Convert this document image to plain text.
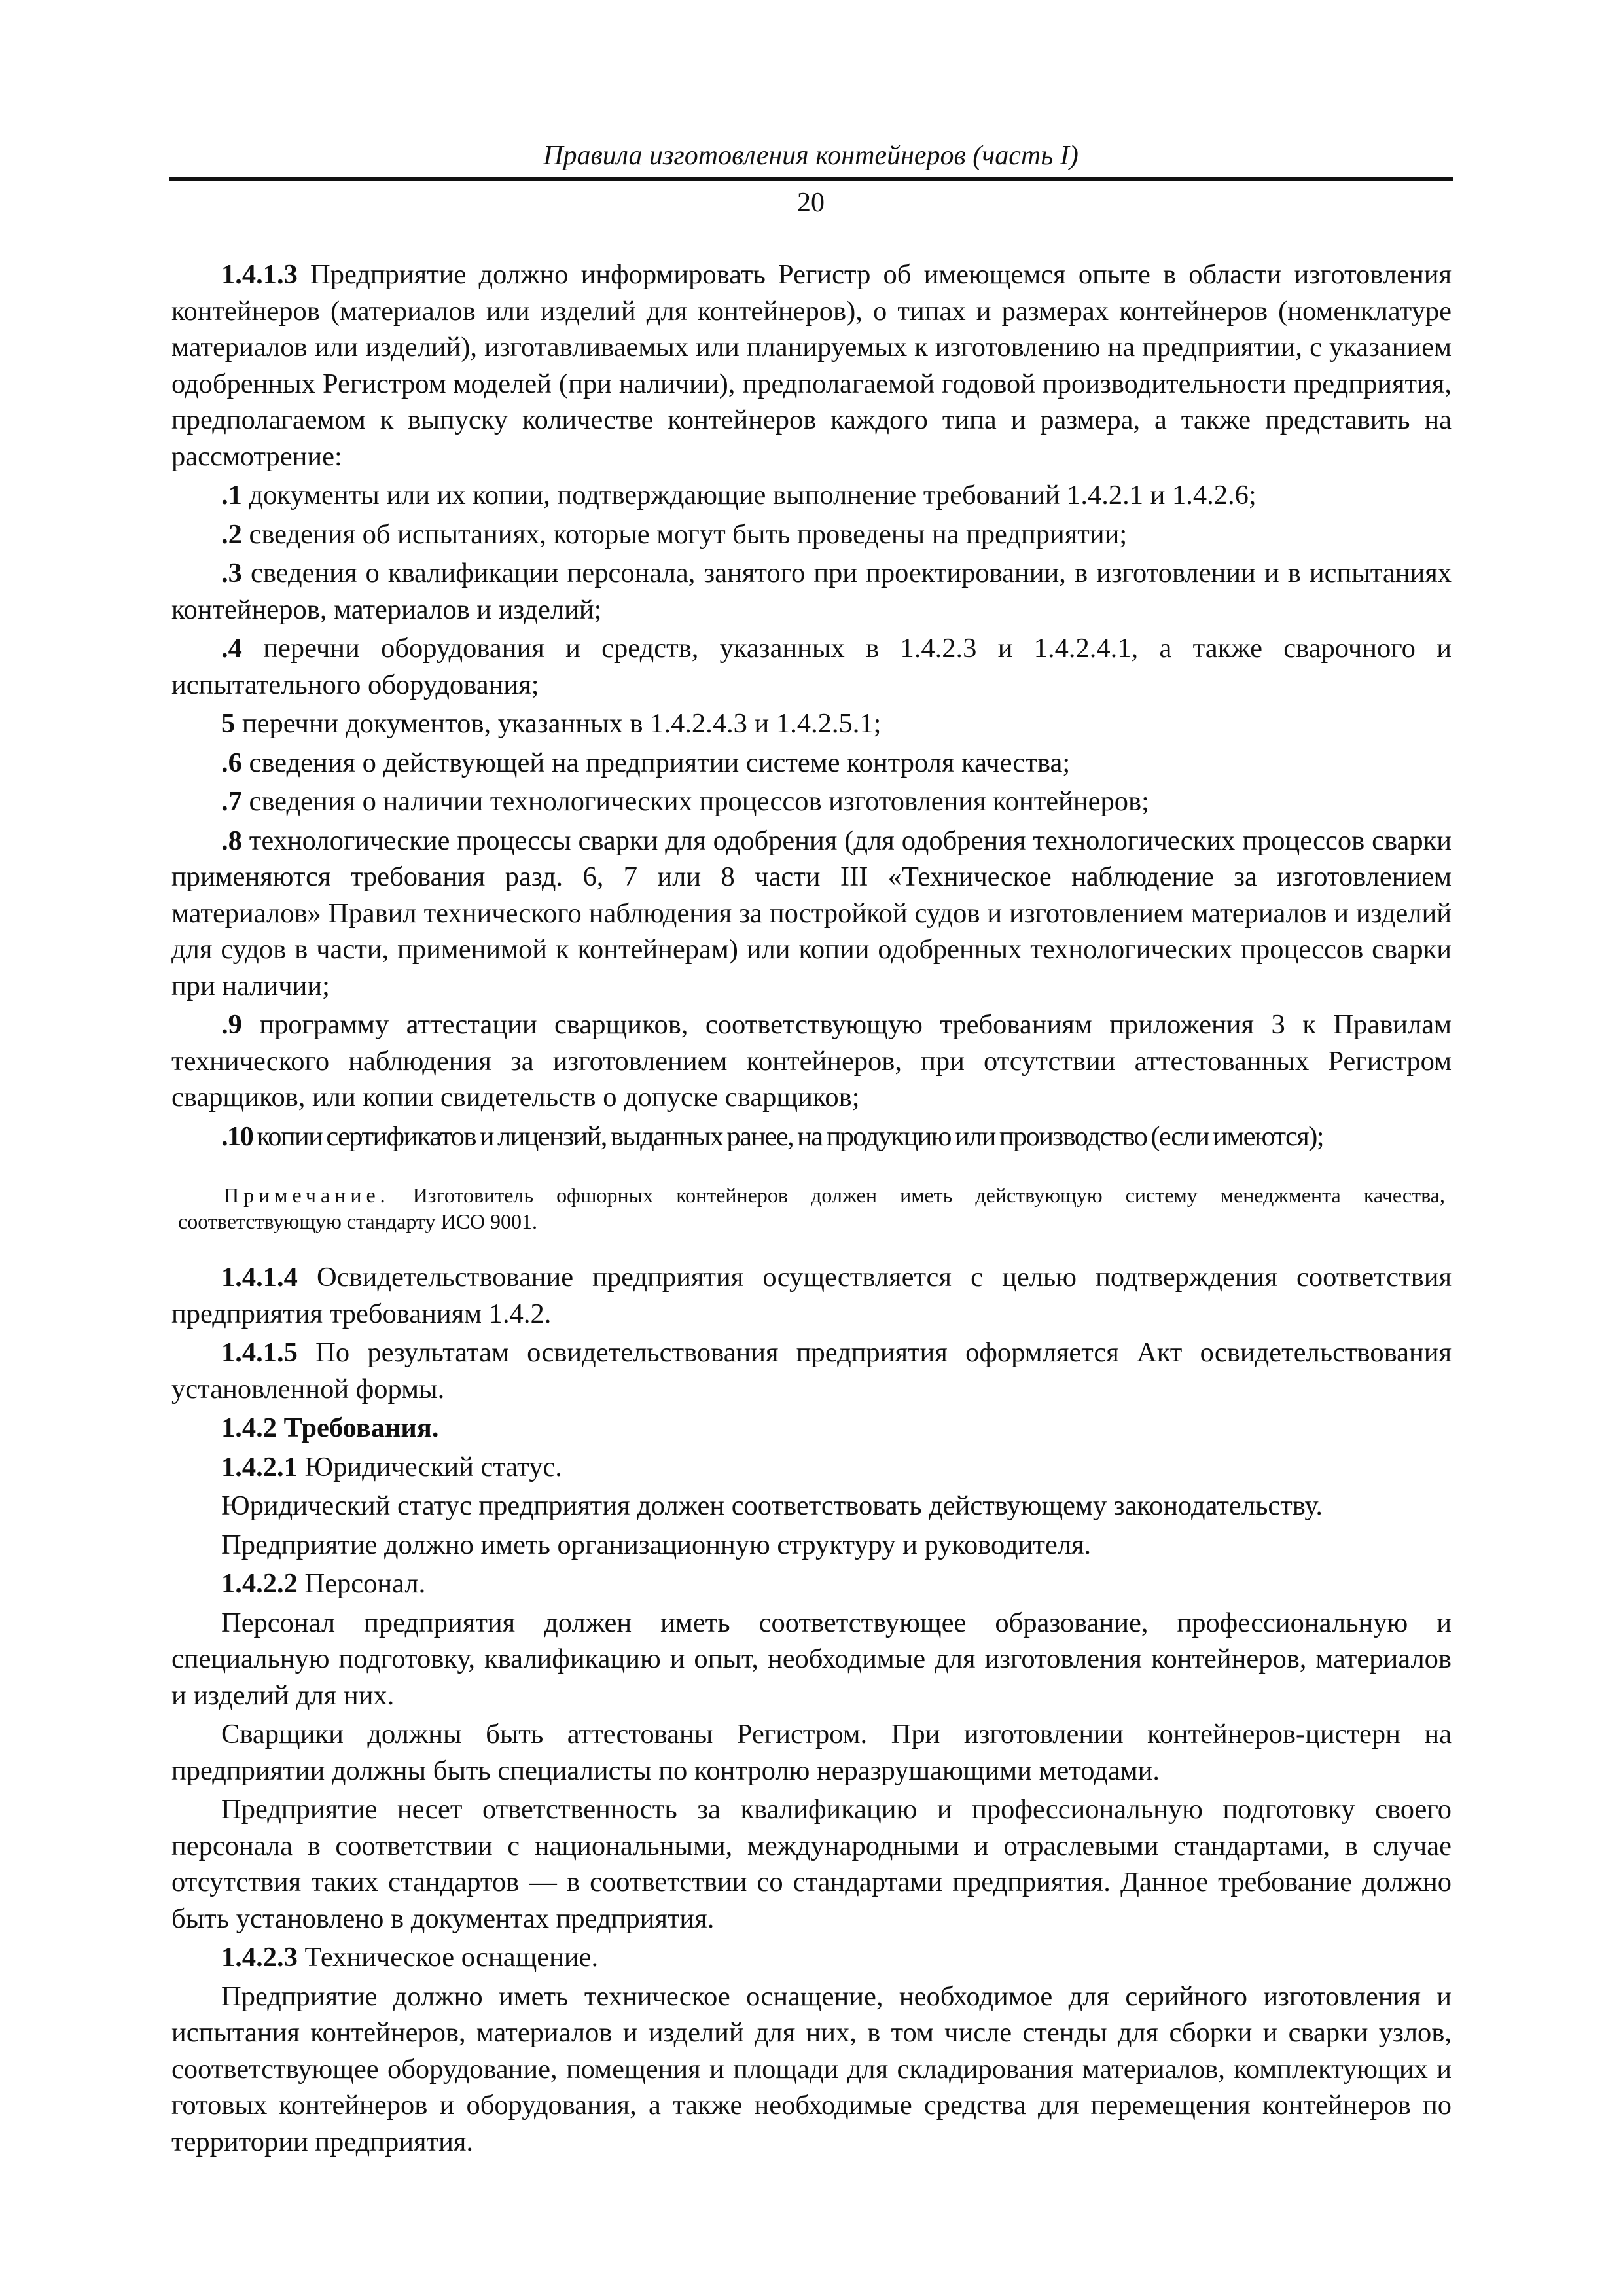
Правила изготовления контейнеров (часть I)
20

1.4.1.3 Предприятие должно информировать Регистр об имеющемся опыте в области изготовления контейнеров (материалов или изделий для контейнеров), о типах и размерах контейнеров (номенклатуре материалов или изделий), изготавливаемых или планируемых к изготовлению на предприятии, с указанием одобренных Регистром моделей (при наличии), предполагаемой годовой производительности предприятия, предполагаемом к выпуску количестве контейнеров каждого типа и размера, а также представить на рассмотрение:

.1 документы или их копии, подтверждающие выполнение требований 1.4.2.1 и 1.4.2.6;

.2 сведения об испытаниях, которые могут быть проведены на предприятии;

.3 сведения о квалификации персонала, занятого при проектировании, в изготовлении и в испытаниях контейнеров, материалов и изделий;

.4 перечни оборудования и средств, указанных в 1.4.2.3 и 1.4.2.4.1, а также сварочного и испытательного оборудования;

5 перечни документов, указанных в 1.4.2.4.3 и 1.4.2.5.1;

.6 сведения о действующей на предприятии системе контроля качества;

.7 сведения о наличии технологических процессов изготовления контейнеров;

.8 технологические процессы сварки для одобрения (для одобрения технологических процессов сварки применяются требования разд. 6, 7 или 8 части III «Техническое наблюдение за изготовлением материалов» Правил технического наблюдения за постройкой судов и изготовлением материалов и изделий для судов в части, применимой к контейнерам) или копии одобренных технологических процессов сварки при наличии;

.9 программу аттестации сварщиков, соответствующую требованиям приложения 3 к Правилам технического наблюдения за изготовлением контейнеров, при отсутствии аттестованных Регистром сварщиков, или копии свидетельств о допуске сварщиков;

.10 копии сертификатов и лицензий, выданных ранее, на продукцию или производство (если имеются);

Примечание. Изготовитель офшорных контейнеров должен иметь действующую систему менеджмента качества, соответствующую стандарту ИСО 9001.

1.4.1.4 Освидетельствование предприятия осуществляется с целью подтверждения соответствия предприятия требованиям 1.4.2.

1.4.1.5 По результатам освидетельствования предприятия оформляется Акт освидетельствования установленной формы.

1.4.2 Требования.

1.4.2.1 Юридический статус.

Юридический статус предприятия должен соответствовать действующему законодательству.

Предприятие должно иметь организационную структуру и руководителя.

1.4.2.2 Персонал.

Персонал предприятия должен иметь соответствующее образование, профессиональную и специальную подготовку, квалификацию и опыт, необходимые для изготовления контейнеров, материалов и изделий для них.

Сварщики должны быть аттестованы Регистром. При изготовлении контейнеров-цистерн на предприятии должны быть специалисты по контролю неразрушающими методами.

Предприятие несет ответственность за квалификацию и профессиональную подготовку своего персонала в соответствии с национальными, международными и отраслевыми стандартами, в случае отсутствия таких стандартов — в соответствии со стандартами предприятия. Данное требование должно быть установлено в документах предприятия.

1.4.2.3 Техническое оснащение.

Предприятие должно иметь техническое оснащение, необходимое для серийного изготовления и испытания контейнеров, материалов и изделий для них, в том числе стенды для сборки и сварки узлов, соответствующее оборудование, помещения и площади для складирования материалов, комплектующих и готовых контейнеров и оборудования, а также необходимые средства для перемещения контейнеров по территории предприятия.
